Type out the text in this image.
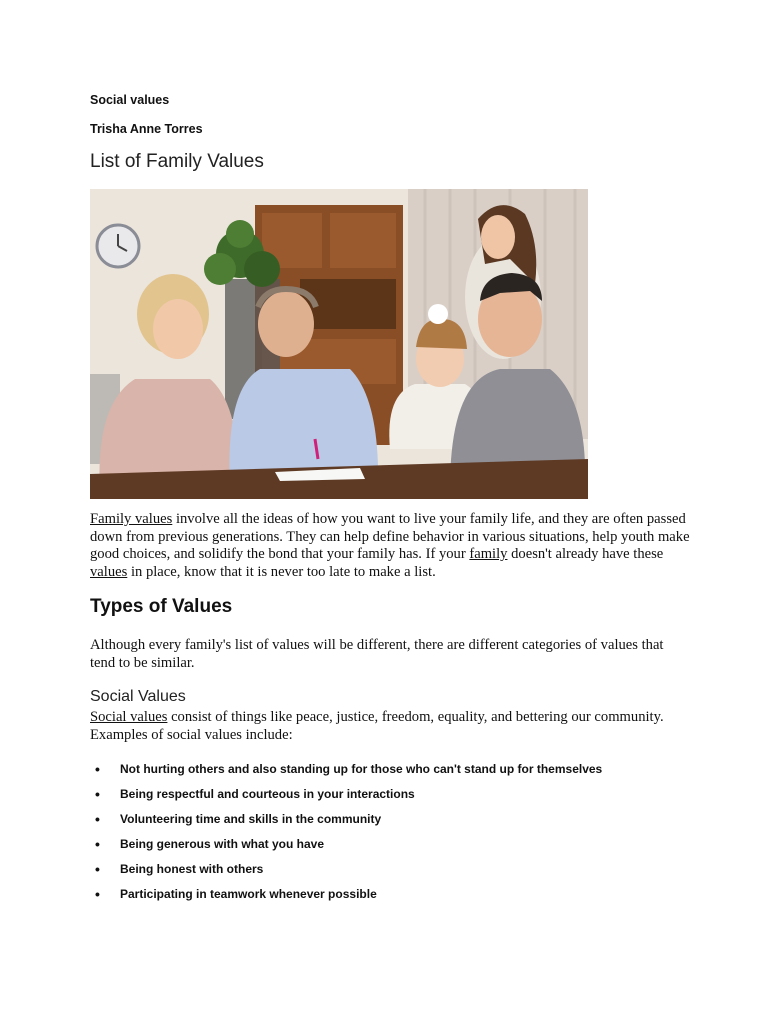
Social values
Trisha Anne Torres
List of Family Values

Family values involve all the ideas of how you want to live your family life, and they are often passed down from previous generations. They can help define behavior in various situations, help youth make good choices, and solidify the bond that your family has. If your family doesn't already have these values in place, know that it is never too late to make a list.

Types of Values

Although every family's list of values will be different, there are different categories of values that tend to be similar.

Social Values

Social values consist of things like peace, justice, freedom, equality, and bettering our community. Examples of social values include:

• Not hurting others and also standing up for those who can't stand up for themselves
• Being respectful and courteous in your interactions
• Volunteering time and skills in the community
• Being generous with what you have
• Being honest with others
• Participating in teamwork whenever possible
